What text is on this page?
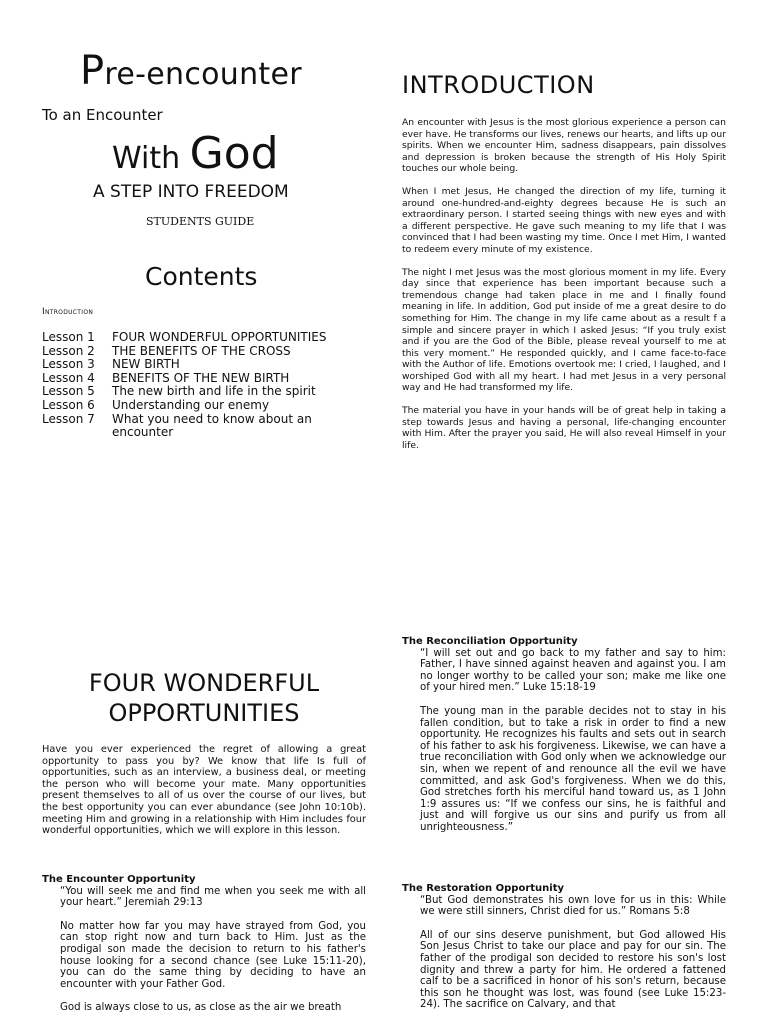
Pre-encounter
To an Encounter
With God
A STEP INTO FREEDOM
STUDENTS GUIDE
Contents
Introduction
Lesson 1	FOUR WONDERFUL OPPORTUNITIES
Lesson 2	THE BENEFITS OF THE CROSS
Lesson 3	NEW BIRTH
Lesson 4	BENEFITS OF THE NEW BIRTH
Lesson 5	The new birth and life in the spirit
Lesson 6	Understanding our enemy
Lesson 7	What you need to know about an encounter
INTRODUCTION

An encounter with Jesus is the most glorious experience a person can ever have. He transforms our lives, renews our hearts, and lifts up our spirits. When we encounter Him, sadness disappears, pain dissolves and depression is broken because the strength of His Holy Spirit touches our whole being.

When I met Jesus, He changed the direction of my life, turning it around one-hundred-and-eighty degrees because He is such an extraordinary person. I started seeing things with new eyes and with a different perspective. He gave such meaning to my life that I was convinced that I had been wasting my time. Once I met Him, I wanted to redeem every minute of my existence.

The night I met Jesus was the most glorious moment in my life. Every day since that experience has been important because such a tremendous change had taken place in me and I finally found meaning in life. In addition, God put inside of me a great desire to do something for Him. The change in my life came about as a result f a simple and sincere prayer in which I asked Jesus: “If you truly exist and if you are the God of the Bible, please reveal yourself to me at this very moment.” He responded quickly, and I came face-to-face with the Author of life. Emotions overtook me: I cried, I laughed, and I worshiped God with all my heart. I had met Jesus in a very personal way and He had transformed my life.

The material you have in your hands will be of great help in taking a step towards Jesus and having a personal, life-changing encounter with Him. After the prayer you said, He will also reveal Himself in your life.

FOUR WONDERFUL
OPPORTUNITIES
Have you ever experienced the regret of allowing a great opportunity to pass you by? We know that life Is full of opportunities, such as an interview, a business deal, or meeting the person who will become your mate. Many opportunities present themselves to all of us over the course of our lives, but the best opportunity you can ever abundance (see John 10:10b). meeting Him and growing in a relationship with Him includes four wonderful opportunities, which we will explore in this lesson.
The Encounter Opportunity

“You will seek me and find me when you seek me with all your heart.” Jeremiah 29:13

No matter how far you may have strayed from God, you can stop right now and turn back to Him. Just as the prodigal son made the decision to return to his father's house looking for a second chance (see Luke 15:11-20), you can do the same thing by deciding to have an encounter with your Father God.

God is always close to us, as close as the air we breath

The Reconciliation Opportunity

“I will set out and go back to my father and say to him: Father, I have sinned against heaven and against you. I am no longer worthy to be called your son; make me like one of your hired men.” Luke 15:18-19

The young man in the parable decides not to stay in his fallen condition, but to take a risk in order to find a new opportunity. He recognizes his faults and sets out in search of his father to ask his forgiveness. Likewise, we can have a true reconciliation with God only when we acknowledge our sin, when we repent of and renounce all the evil we have committed, and ask God's forgiveness. When we do this, God stretches forth his merciful hand toward us, as 1 John 1:9 assures us: “If we confess our sins, he is faithful and just and will forgive us our sins and purify us from all unrighteousness.”

The Restoration Opportunity

“But God demonstrates his own love for us in this: While we were still sinners, Christ died for us.” Romans 5:8

All of our sins deserve punishment, but God allowed His Son Jesus Christ to take our place and pay for our sin. The father of the prodigal son decided to restore his son's lost dignity and threw a party for him. He ordered a fattened calf to be a sacrificed in honor of his son's return, because this son he thought was lost, was found (see Luke 15:23-24). The sacrifice on Calvary, and that
